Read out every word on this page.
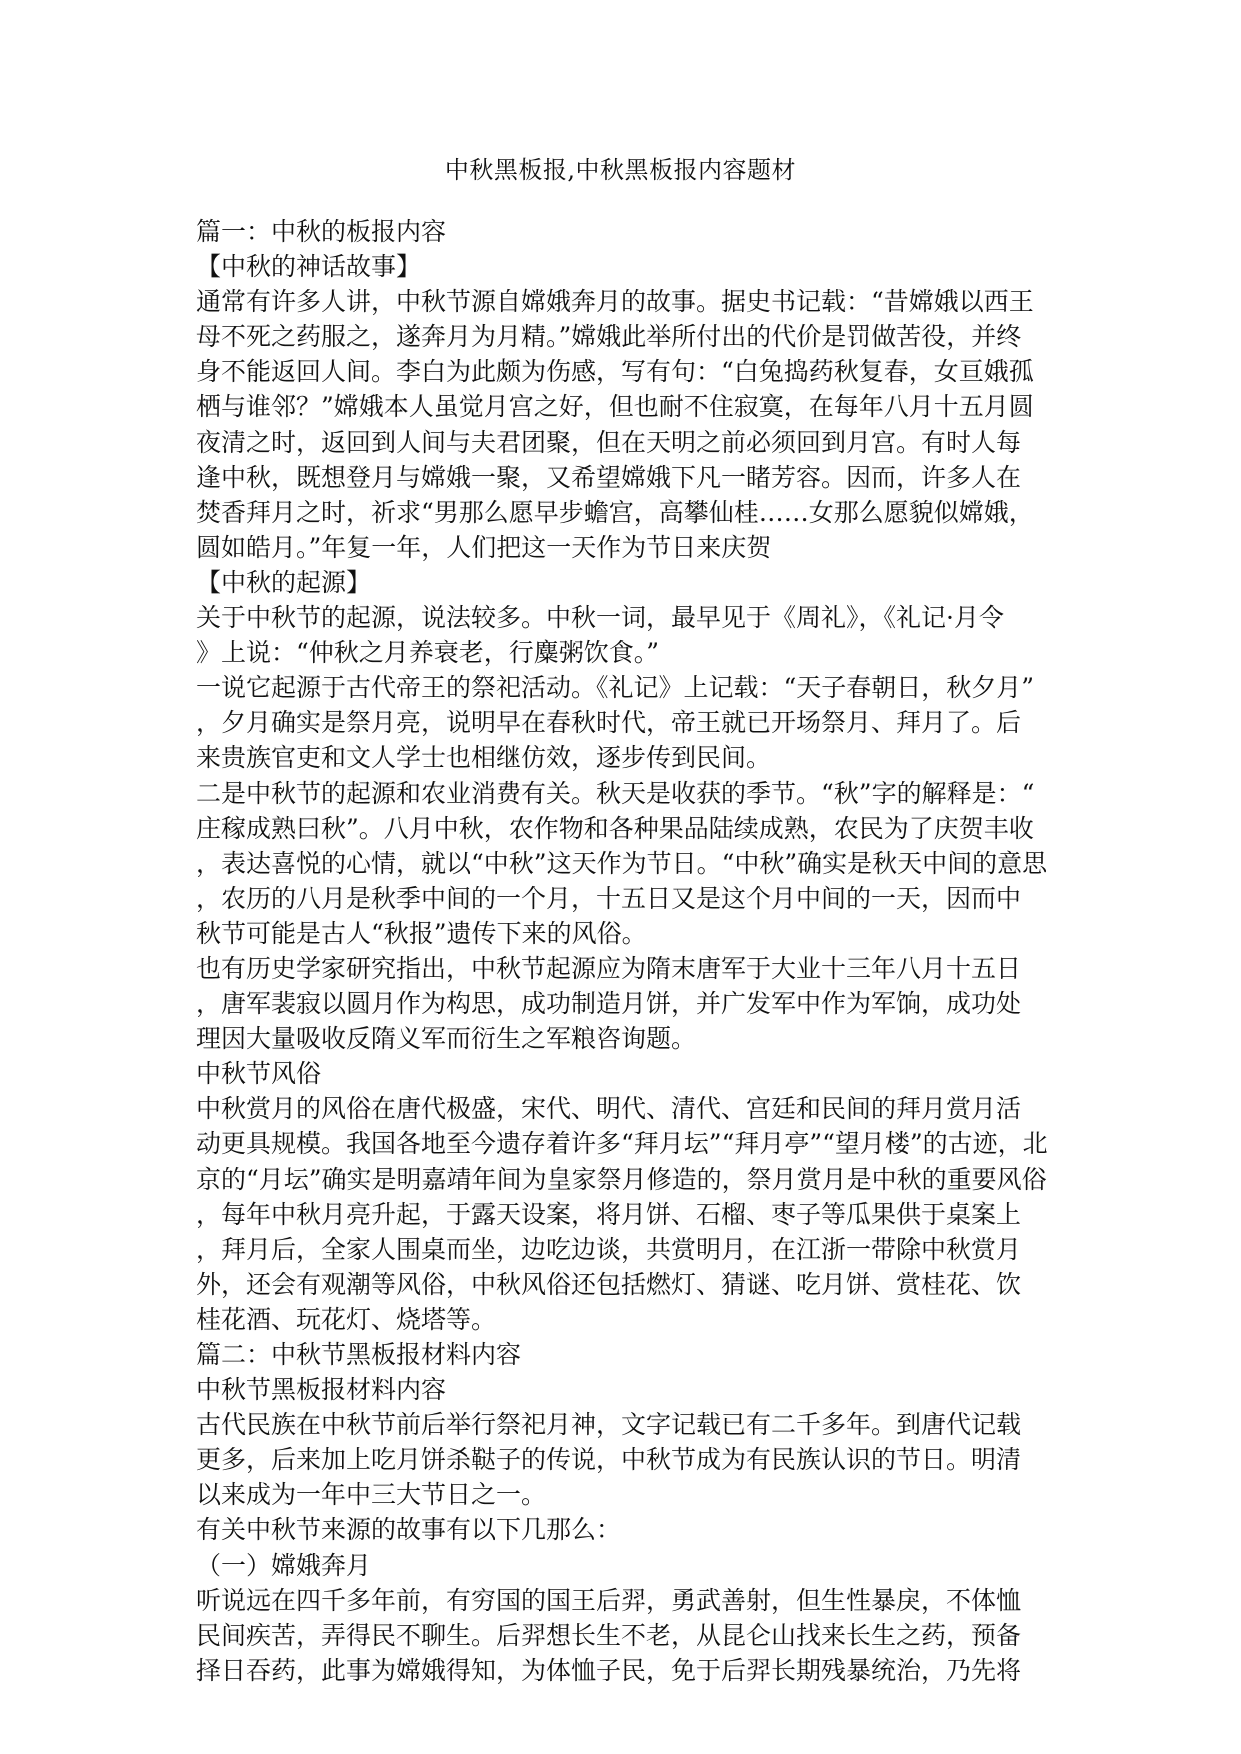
中秋黑板报,中秋黑板报内容题材
篇一：中秋的板报内容
【中秋的神话故事】
通常有许多人讲，中秋节源自嫦娥奔月的故事。据史书记载：“昔嫦娥以西王
母不死之药服之，遂奔月为月精。”嫦娥此举所付出的代价是罚做苦役，并终
身不能返回人间。李白为此颇为伤感，写有句：“白兔捣药秋复春，女亘娥孤
栖与谁邻？”嫦娥本人虽觉月宫之好，但也耐不住寂寞，在每年八月十五月圆
夜清之时，返回到人间与夫君团聚，但在天明之前必须回到月宫。有时人每
逢中秋，既想登月与嫦娥一聚，又希望嫦娥下凡一睹芳容。因而，许多人在
焚香拜月之时，祈求“男那么愿早步蟾宫，高攀仙桂……女那么愿貌似嫦娥，
圆如皓月。”年复一年，人们把这一天作为节日来庆贺
【中秋的起源】
关于中秋节的起源，说法较多。中秋一词，最早见于《周礼》，《礼记·月令
》上说：“仲秋之月养衰老，行麋粥饮食。”
一说它起源于古代帝王的祭祀活动。《礼记》上记载：“天子春朝日，秋夕月”
，夕月确实是祭月亮，说明早在春秋时代，帝王就已开场祭月、拜月了。后
来贵族官吏和文人学士也相继仿效，逐步传到民间。
二是中秋节的起源和农业消费有关。秋天是收获的季节。“秋”字的解释是：“
庄稼成熟曰秋”。八月中秋，农作物和各种果品陆续成熟，农民为了庆贺丰收
，表达喜悦的心情，就以“中秋”这天作为节日。“中秋”确实是秋天中间的意思
，农历的八月是秋季中间的一个月，十五日又是这个月中间的一天，因而中
秋节可能是古人“秋报”遗传下来的风俗。
也有历史学家研究指出，中秋节起源应为隋末唐军于大业十三年八月十五日
，唐军裴寂以圆月作为构思，成功制造月饼，并广发军中作为军饷，成功处
理因大量吸收反隋义军而衍生之军粮咨询题。
中秋节风俗
中秋赏月的风俗在唐代极盛，宋代、明代、清代、宫廷和民间的拜月赏月活
动更具规模。我国各地至今遗存着许多“拜月坛”“拜月亭”“望月楼”的古迹，北
京的“月坛”确实是明嘉靖年间为皇家祭月修造的，祭月赏月是中秋的重要风俗
，每年中秋月亮升起，于露天设案，将月饼、石榴、枣子等瓜果供于桌案上
，拜月后，全家人围桌而坐，边吃边谈，共赏明月，在江浙一带除中秋赏月
外，还会有观潮等风俗，中秋风俗还包括燃灯、猜谜、吃月饼、赏桂花、饮
桂花酒、玩花灯、烧塔等。
篇二：中秋节黑板报材料内容
中秋节黑板报材料内容
古代民族在中秋节前后举行祭祀月神，文字记载已有二千多年。到唐代记载
更多，后来加上吃月饼杀鞑子的传说，中秋节成为有民族认识的节日。明清
以来成为一年中三大节日之一。
有关中秋节来源的故事有以下几那么：
（一）嫦娥奔月
听说远在四千多年前，有穷国的国王后羿，勇武善射，但生性暴戾，不体恤
民间疾苦，弄得民不聊生。后羿想长生不老，从昆仑山找来长生之药，预备
择日吞药，此事为嫦娥得知，为体恤子民，免于后羿长期残暴统治，乃先将
